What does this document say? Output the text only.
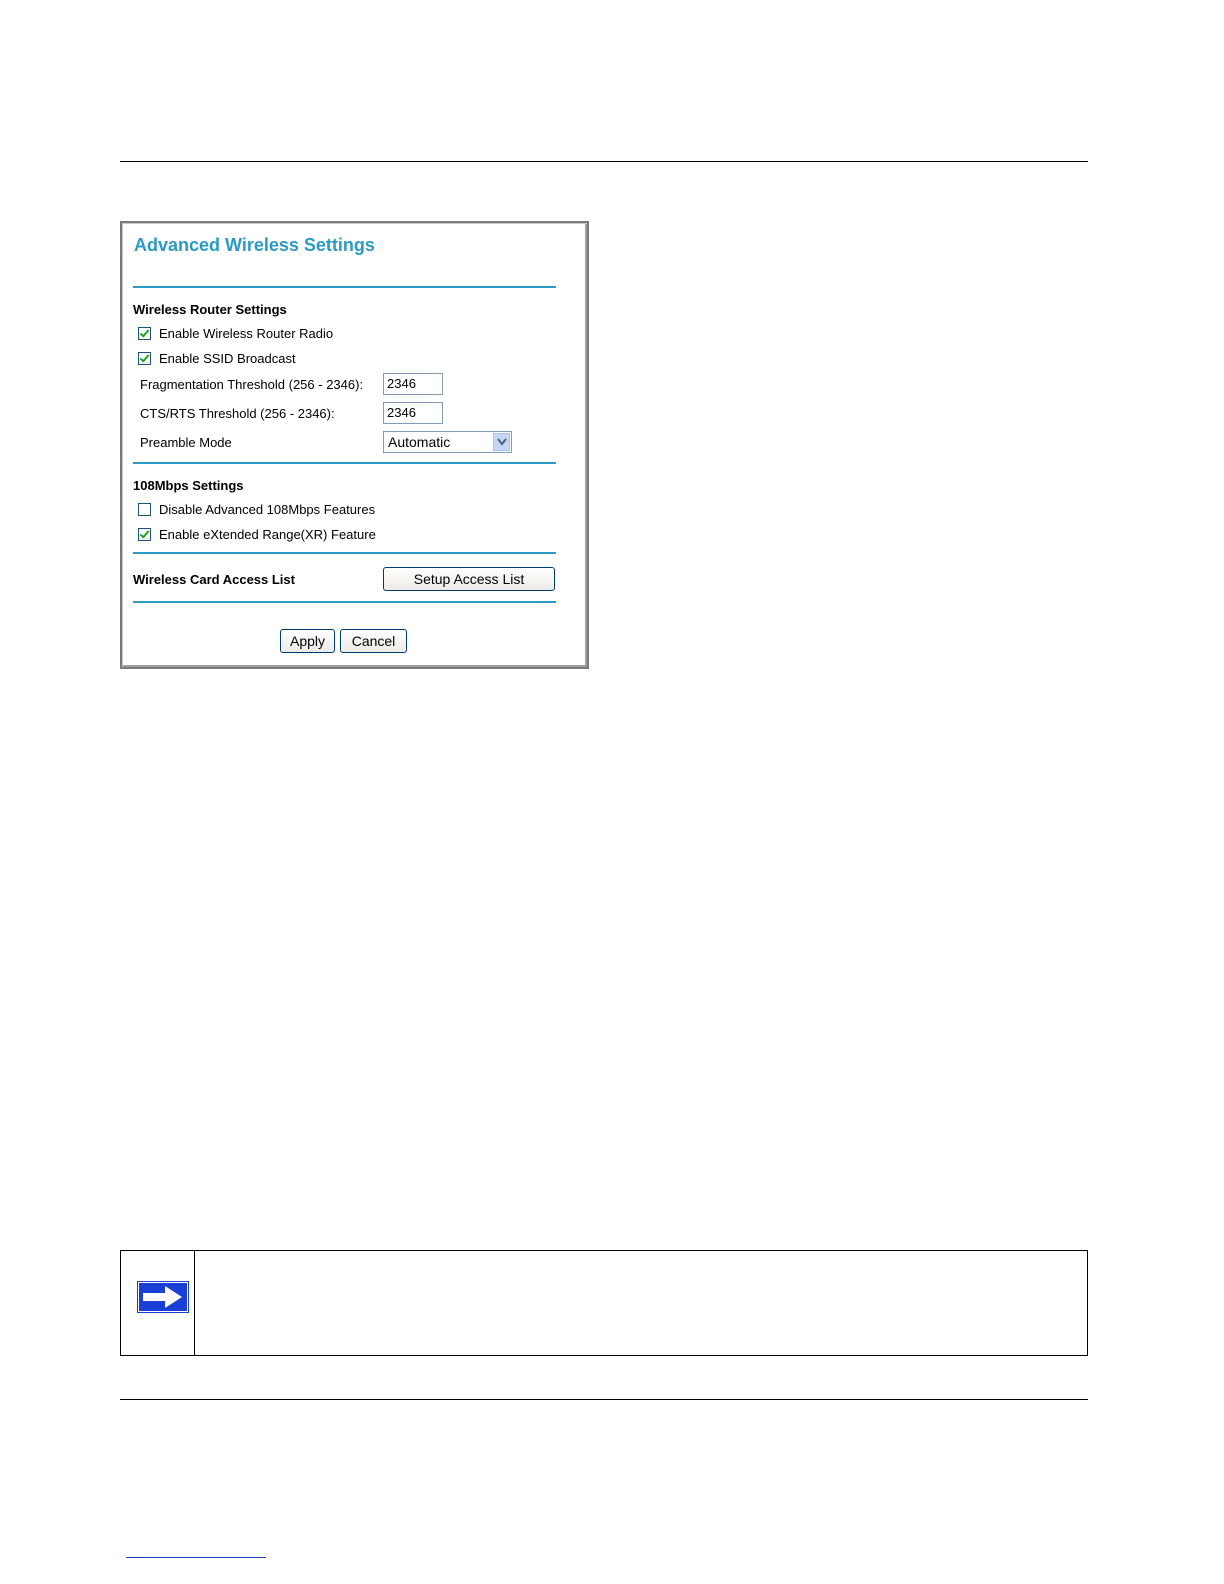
Advanced Wireless Settings
Wireless Router Settings
Enable Wireless Router Radio
Enable SSID Broadcast
Fragmentation Threshold (256 - 2346):	2346
CTS/RTS Threshold (256 - 2346):	2346
Preamble Mode	Automatic
108Mbps Settings
Disable Advanced 108Mbps Features
Enable eXtended Range(XR) Feature
Wireless Card Access List	Setup Access List
Apply	Cancel
